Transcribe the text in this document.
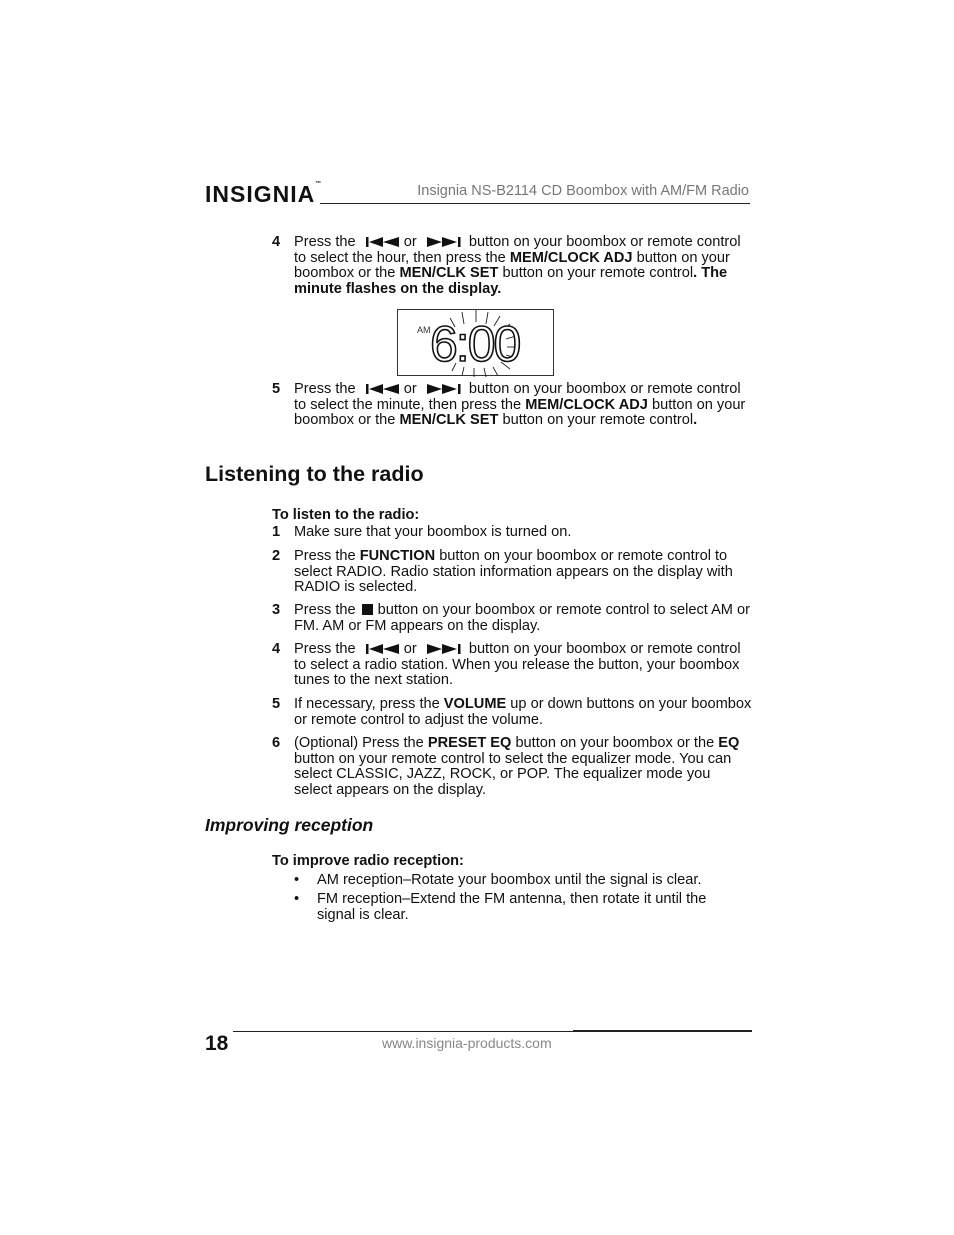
INSIGNIA™	Insignia NS-B2114 CD Boombox with AM/FM Radio
4 Press the	or	button on your boombox or remote control to select the hour, then press the MEM/CLOCK ADJ button on your boombox or the MEN/CLK SET button on your remote control. The minute flashes on the display.
AM 6:00
5 Press the	or	button on your boombox or remote control to select the minute, then press the MEM/CLOCK ADJ button on your boombox or the MEN/CLK SET button on your remote control.
Listening to the radio
To listen to the radio:
1 Make sure that your boombox is turned on.
2 Press the FUNCTION button on your boombox or remote control to select RADIO. Radio station information appears on the display with RADIO is selected.
3 Press the button on your boombox or remote control to select AM or FM. AM or FM appears on the display.
4 Press the	or	button on your boombox or remote control to select a radio station. When you release the button, your boombox tunes to the next station.
5 If necessary, press the VOLUME up or down buttons on your boombox or remote control to adjust the volume.
6 (Optional) Press the PRESET EQ button on your boombox or the EQ button on your remote control to select the equalizer mode. You can select CLASSIC, JAZZ, ROCK, or POP. The equalizer mode you select appears on the display.
Improving reception
To improve radio reception:
• AM reception–Rotate your boombox until the signal is clear.
• FM reception–Extend the FM antenna, then rotate it until the signal is clear.
18	www.insignia-products.com
